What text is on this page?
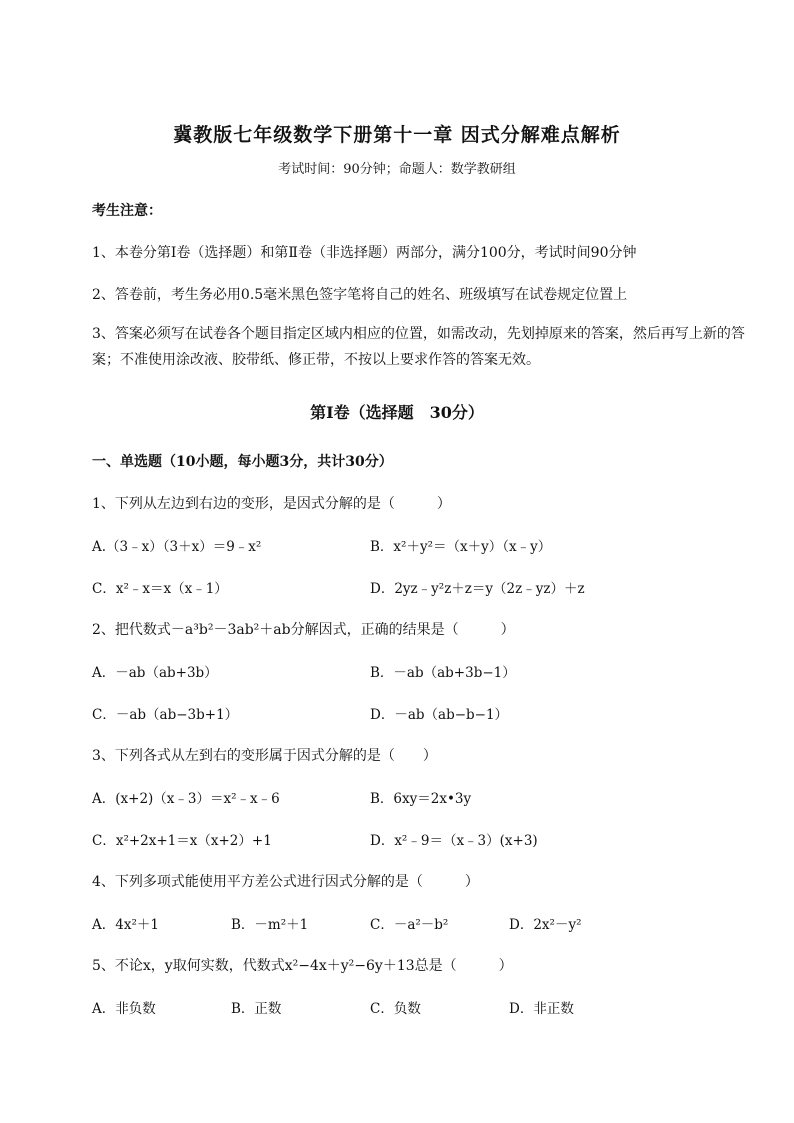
冀教版七年级数学下册第十一章 因式分解难点解析
考试时间：90分钟；命题人：数学教研组
考生注意：
1、本卷分第I卷（选择题）和第Ⅱ卷（非选择题）两部分，满分100分，考试时间90分钟
2、答卷前，考生务必用0.5毫米黑色签字笔将自己的姓名、班级填写在试卷规定位置上
3、答案必须写在试卷各个题目指定区域内相应的位置，如需改动，先划掉原来的答案，然后再写上新的答案；不准使用涂改液、胶带纸、修正带，不按以上要求作答的答案无效。
第I卷（选择题　30分）
一、单选题（10小题，每小题3分，共计30分）
1、下列从左边到右边的变形，是因式分解的是（　　　）
A.（3﹣x）（3＋x）＝9﹣x²	B．x²＋y²＝（x＋y）（x﹣y）
C．x²﹣x＝x（x﹣1）	D．2yz﹣y²z＋z＝y（2z﹣yz）＋z
2、把代数式－a³b²－3ab²＋ab分解因式，正确的结果是（　　　）
A．－ab（ab+3b）	B．－ab（ab+3b−1）
C．－ab（ab−3b+1）	D．－ab（ab−b−1）
3、下列各式从左到右的变形属于因式分解的是（　　）
A．(x+2)（x﹣3）＝x²﹣x﹣6	B．6xy＝2x•3y
C．x²+2x+1＝x（x+2）+1	D．x²﹣9＝（x﹣3）(x+3)
4、下列多项式能使用平方差公式进行因式分解的是（　　　）
A．4x²＋1	B．－m²＋1	C．－a²－b²	D．2x²－y²
5、不论x，y取何实数，代数式x²−4x＋y²−6y＋13总是（　　　）
A．非负数	B．正数	C．负数	D．非正数
